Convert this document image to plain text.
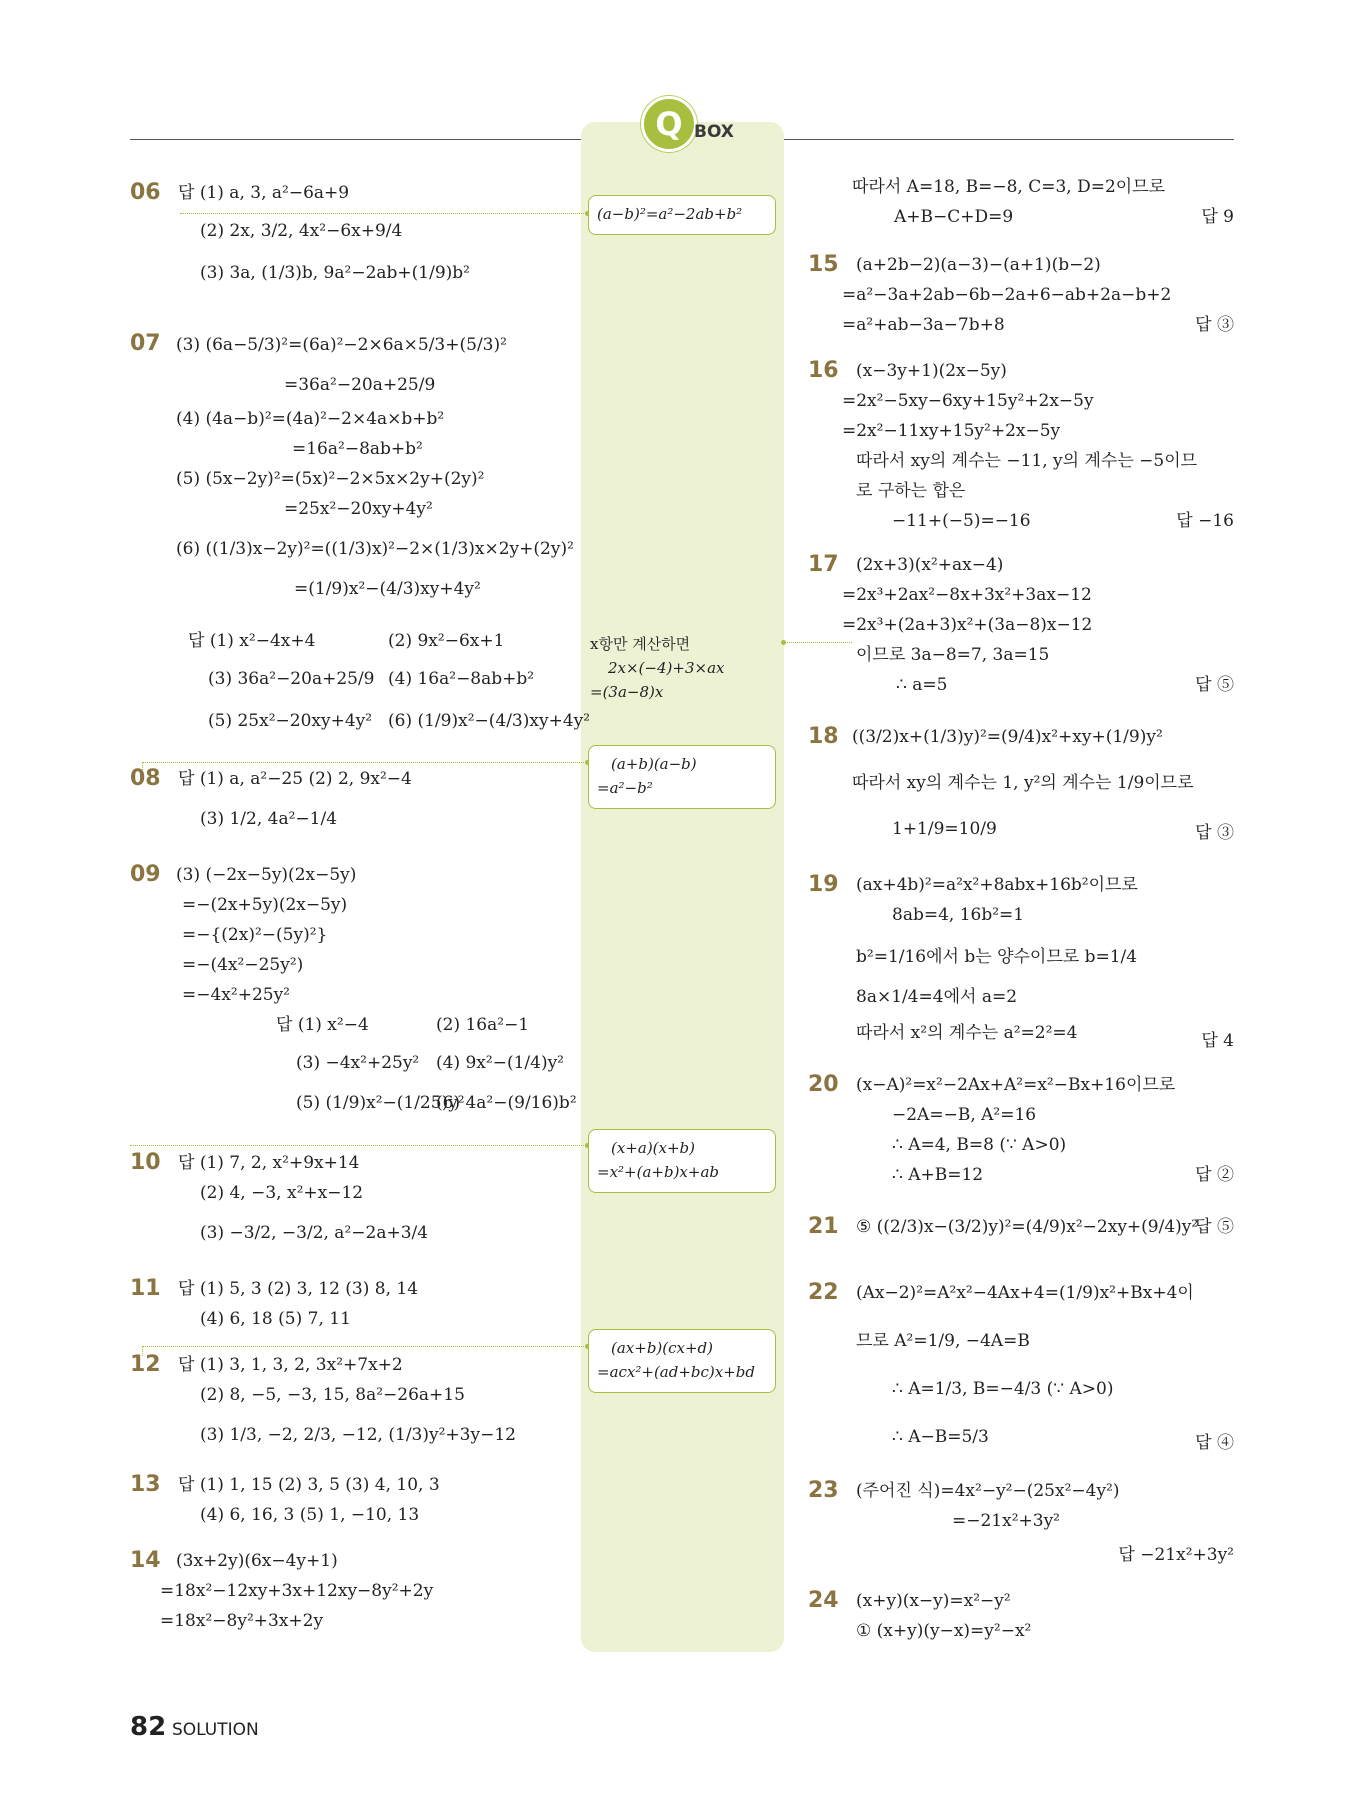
Q BOX
(a−b)²=a²−2ab+b²
x항만 계산하면
2x×(−4)+3×ax
=(3a−8)x
(a+b)(a−b)
=a²−b²
(x+a)(x+b)
=x²+(a+b)x+ab
(ax+b)(cx+d)
=acx²+(ad+bc)x+bd
06 답 (1) a, 3, a²−6a+9
(2) 2x, 3/2, 4x²−6x+9/4
(3) 3a, (1/3)b, 9a²−2ab+(1/9)b²
07 (3) (6a−5/3)²=(6a)²−2×6a×5/3+(5/3)²
=36a²−20a+25/9
(4) (4a−b)²=(4a)²−2×4a×b+b²
=16a²−8ab+b²
(5) (5x−2y)²=(5x)²−2×5x×2y+(2y)²
=25x²−20xy+4y²
(6) ((1/3)x−2y)²=((1/3)x)²−2×(1/3)x×2y+(2y)²
=(1/9)x²−(4/3)xy+4y²
답 (1) x²−4x+4	(2) 9x²−6x+1
(3) 36a²−20a+25/9 (4) 16a²−8ab+b²
(5) 25x²−20xy+4y² (6) (1/9)x²−(4/3)xy+4y²
08 답 (1) a, a²−25 (2) 2, 9x²−4
(3) 1/2, 4a²−1/4
09 (3) (−2x−5y)(2x−5y)
=−(2x+5y)(2x−5y)
=−{(2x)²−(5y)²}
=−(4x²−25y²)
=−4x²+25y²
답 (1) x²−4	(2) 16a²−1
(3) −4x²+25y² (4) 9x²−(1/4)y²
(5) (1/9)x²−(1/25)y²
(6) 4a²−(9/16)b²
10 답 (1) 7, 2, x²+9x+14
(2) 4, −3, x²+x−12
(3) −3/2, −3/2, a²−2a+3/4
11 답 (1) 5, 3 (2) 3, 12 (3) 8, 14
(4) 6, 18 (5) 7, 11
12 답 (1) 3, 1, 3, 2, 3x²+7x+2
(2) 8, −5, −3, 15, 8a²−26a+15
(3) 1/3, −2, 2/3, −12, (1/3)y²+3y−12
13 답 (1) 1, 15 (2) 3, 5 (3) 4, 10, 3
(4) 6, 16, 3 (5) 1, −10, 13
14 (3x+2y)(6x−4y+1)
=18x²−12xy+3x+12xy−8y²+2y
=18x²−8y²+3x+2y
따라서 A=18, B=−8, C=3, D=2이므로
A+B−C+D=9	답 9
15 (a+2b−2)(a−3)−(a+1)(b−2)
=a²−3a+2ab−6b−2a+6−ab+2a−b+2
=a²+ab−3a−7b+8	답 ③
16 (x−3y+1)(2x−5y)
=2x²−5xy−6xy+15y²+2x−5y
=2x²−11xy+15y²+2x−5y
따라서 xy의 계수는 −11, y의 계수는 −5이므
로 구하는 합은
−11+(−5)=−16	답 −16
17 (2x+3)(x²+ax−4)
=2x³+2ax²−8x+3x²+3ax−12
=2x³+(2a+3)x²+(3a−8)x−12
이므로 3a−8=7, 3a=15
∴ a=5	답 ⑤
18 ((3/2)x+(1/3)y)²=(9/4)x²+xy+(1/9)y²
따라서 xy의 계수는 1, y²의 계수는 1/9이므로
1+1/9=10/9	답 ③
19 (ax+4b)²=a²x²+8abx+16b²이므로
8ab=4, 16b²=1
b²=1/16에서 b는 양수이므로 b=1/4
8a×1/4=4에서 a=2
따라서 x²의 계수는 a²=2²=4	답 4
20 (x−A)²=x²−2Ax+A²=x²−Bx+16이므로
−2A=−B, A²=16
∴ A=4, B=8 (∵ A>0)
∴ A+B=12	답 ②
21 ⑤ ((2/3)x−(3/2)y)²=(4/9)x²−2xy+(9/4)y²
답 ⑤
22 (Ax−2)²=A²x²−4Ax+4=(1/9)x²+Bx+4이
므로 A²=1/9, −4A=B
∴ A=1/3, B=−4/3 (∵ A>0)
∴ A−B=5/3	답 ④
23 (주어진 식)=4x²−y²−(25x²−4y²)
=−21x²+3y²
답 −21x²+3y²
24 (x+y)(x−y)=x²−y²
① (x+y)(y−x)=y²−x²
82 SOLUTION
